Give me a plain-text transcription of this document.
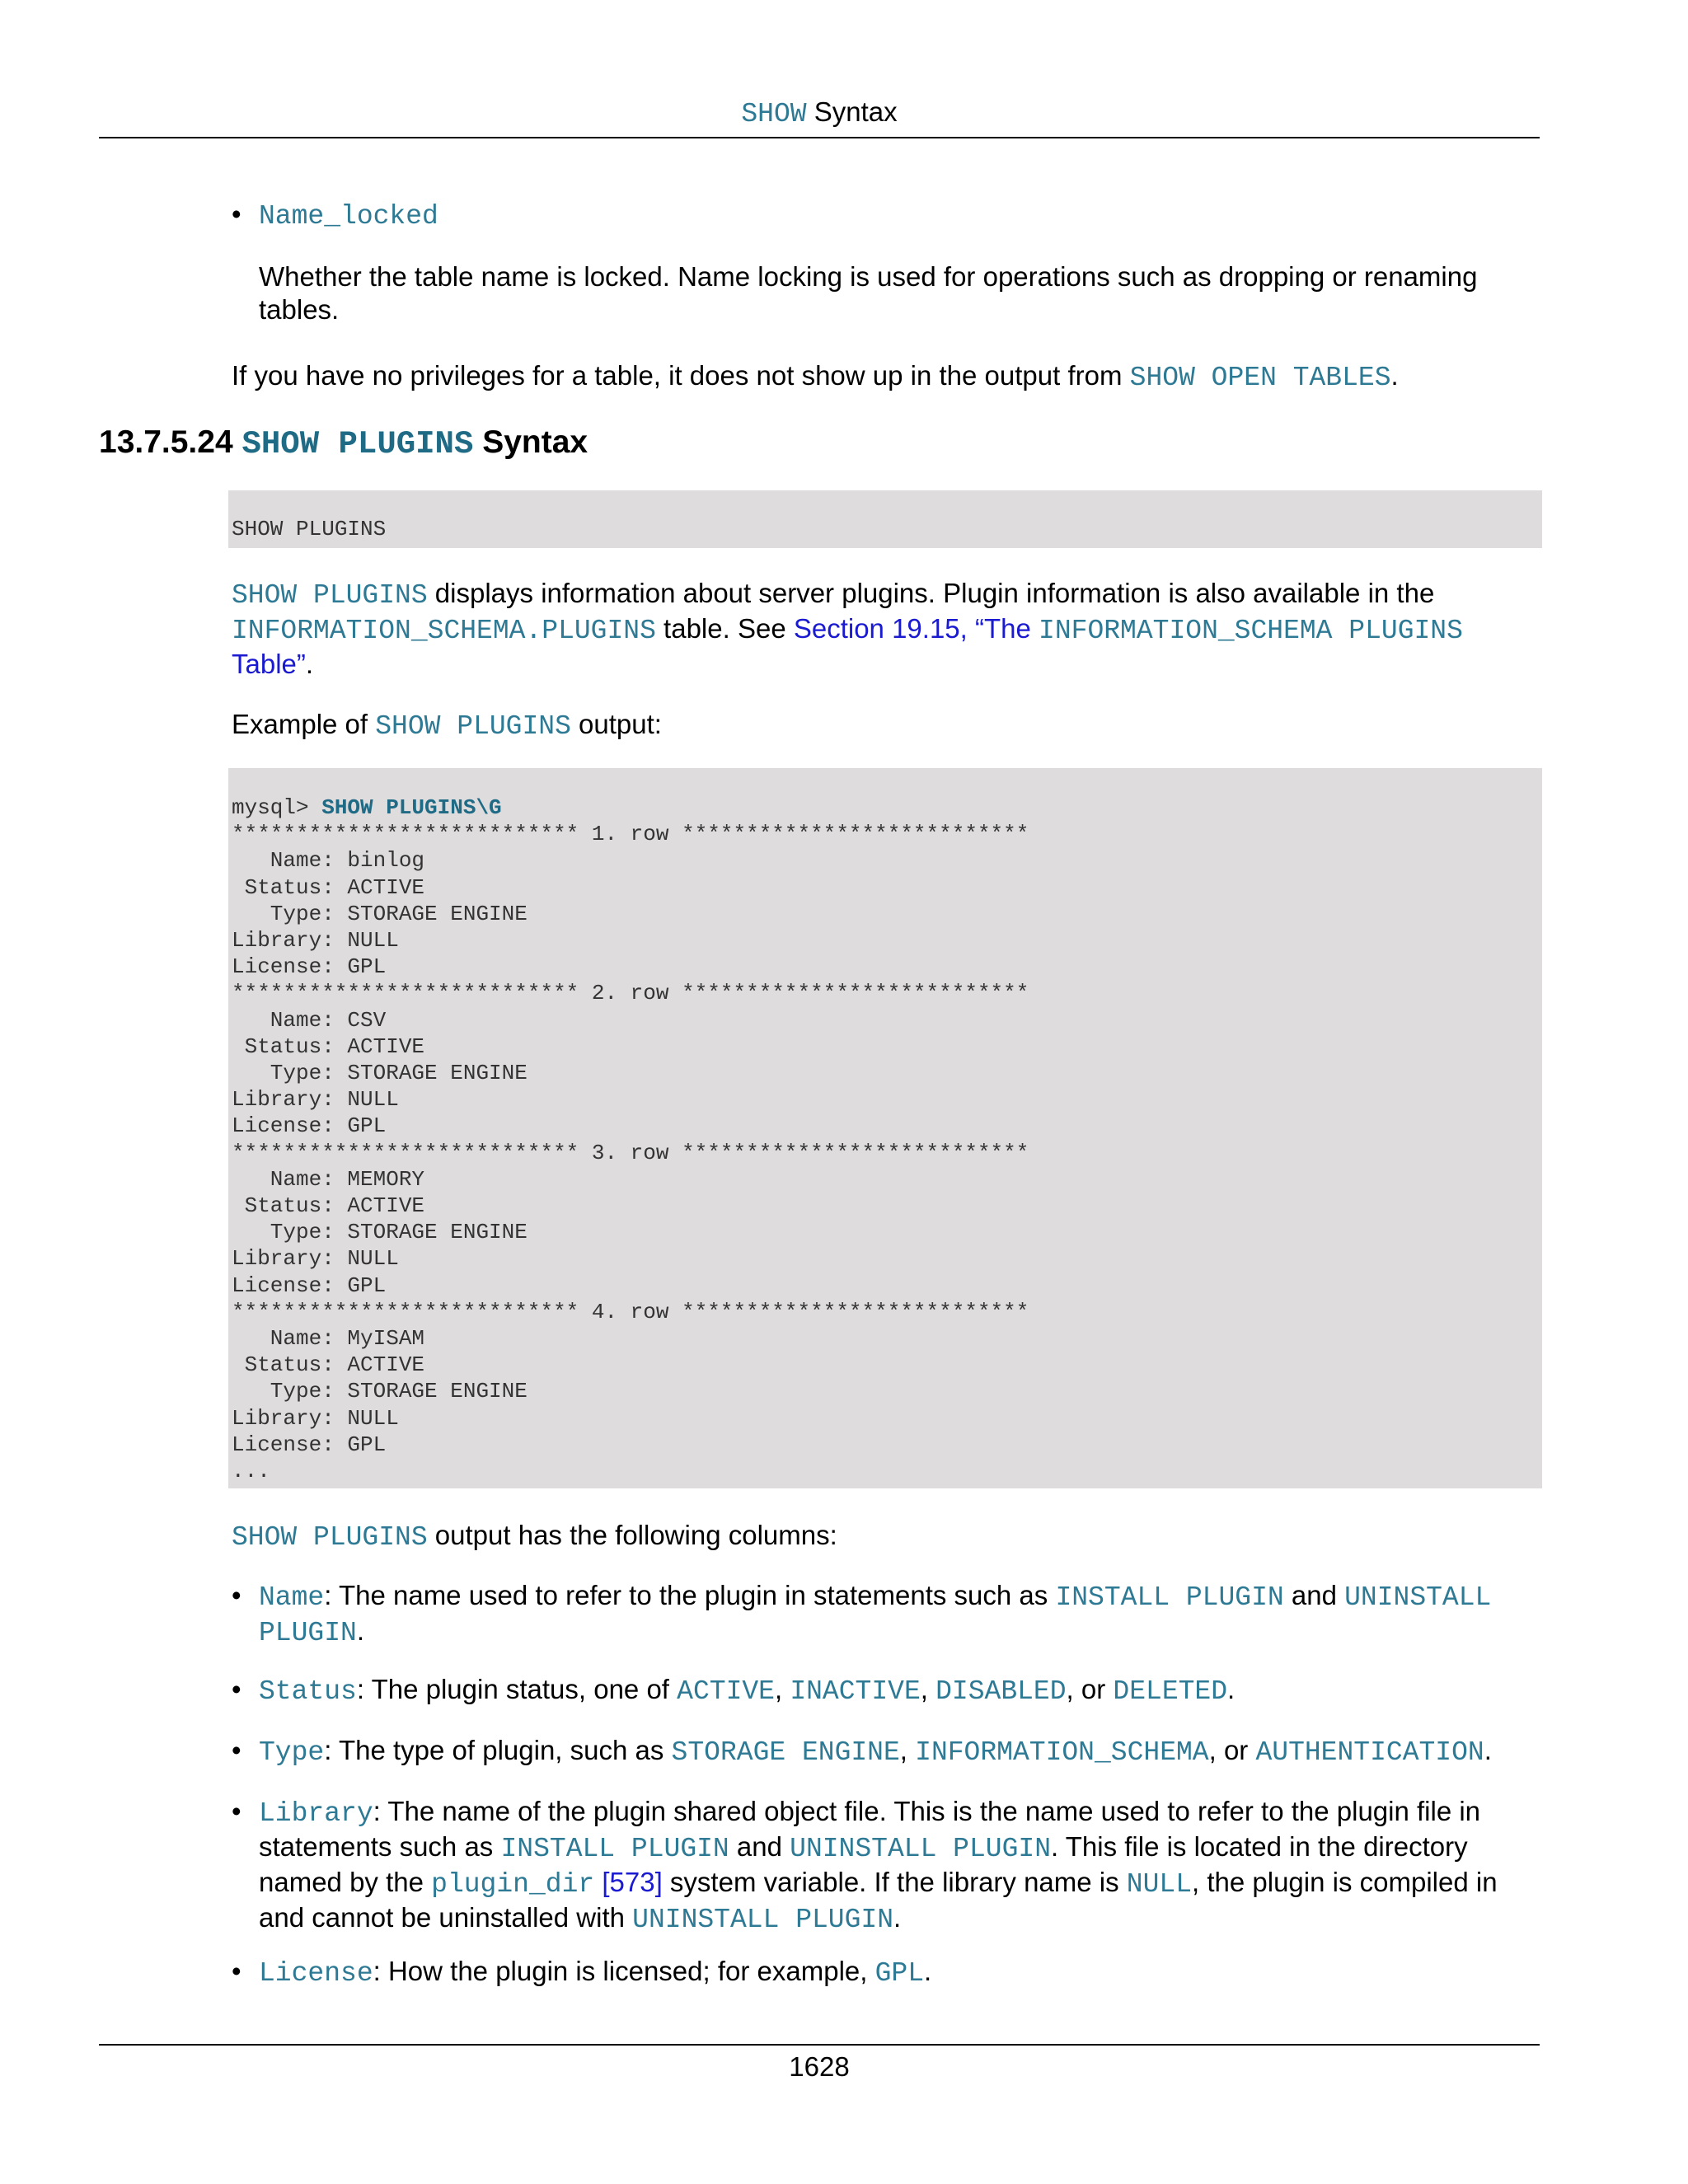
SHOW Syntax
• Name_locked
Whether the table name is locked. Name locking is used for operations such as dropping or renaming
tables.
If you have no privileges for a table, it does not show up in the output from SHOW OPEN TABLES.
13.7.5.24 SHOW PLUGINS Syntax
SHOW PLUGINS
SHOW PLUGINS displays information about server plugins. Plugin information is also available in the
INFORMATION_SCHEMA.PLUGINS table. See Section 19.15, “The INFORMATION_SCHEMA PLUGINS
Table”.
Example of SHOW PLUGINS output:
mysql> SHOW PLUGINS\G
*************************** 1. row ***************************
Name: binlog
Status: ACTIVE
Type: STORAGE ENGINE
Library: NULL
License: GPL
*************************** 2. row ***************************
Name: CSV
Status: ACTIVE
Type: STORAGE ENGINE
Library: NULL
License: GPL
*************************** 3. row ***************************
Name: MEMORY
Status: ACTIVE
Type: STORAGE ENGINE
Library: NULL
License: GPL
*************************** 4. row ***************************
Name: MyISAM
Status: ACTIVE
Type: STORAGE ENGINE
Library: NULL
License: GPL
...
SHOW PLUGINS output has the following columns:
• Name: The name used to refer to the plugin in statements such as INSTALL PLUGIN and UNINSTALL
PLUGIN.
• Status: The plugin status, one of ACTIVE, INACTIVE, DISABLED, or DELETED.
• Type: The type of plugin, such as STORAGE ENGINE, INFORMATION_SCHEMA, or AUTHENTICATION.
• Library: The name of the plugin shared object file. This is the name used to refer to the plugin file in
statements such as INSTALL PLUGIN and UNINSTALL PLUGIN. This file is located in the directory
named by the plugin_dir [573] system variable. If the library name is NULL, the plugin is compiled in
and cannot be uninstalled with UNINSTALL PLUGIN.
• License: How the plugin is licensed; for example, GPL.
1628
